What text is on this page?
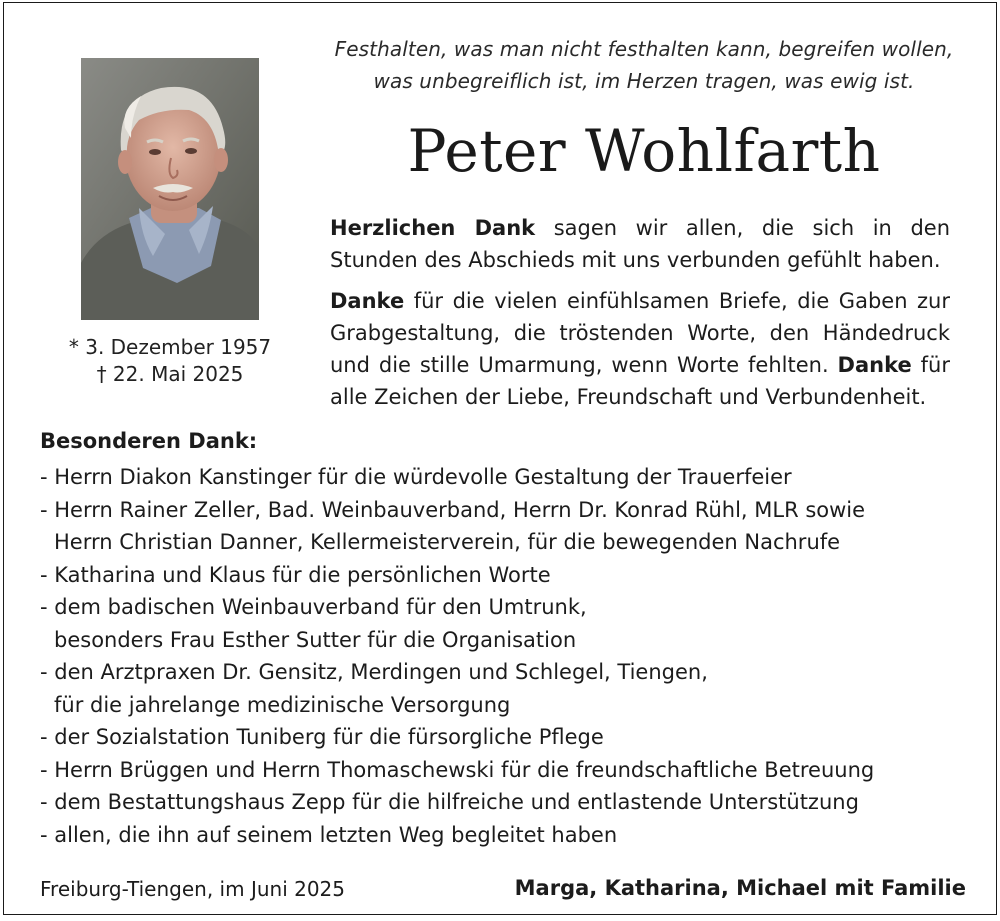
Festhalten, was man nicht festhalten kann, begreifen wollen,
was unbegreiflich ist, im Herzen tragen, was ewig ist.
Peter Wohlfarth
* 3. Dezember 1957
† 22. Mai 2025

Herzlichen Dank sagen wir allen, die sich in den
Stunden des Abschieds mit uns verbunden gefühlt haben.

Danke für die vielen einfühlsamen Briefe, die Gaben zur
Grabgestaltung, die tröstenden Worte, den Händedruck
und die stille Umarmung, wenn Worte fehlten. Danke für
alle Zeichen der Liebe, Freundschaft und Verbundenheit.

Besonderen Dank:
- Herrn Diakon Kanstinger für die würdevolle Gestaltung der Trauerfeier
- Herrn Rainer Zeller, Bad. Weinbauverband, Herrn Dr. Konrad Rühl, MLR sowie
Herrn Christian Danner, Kellermeisterverein, für die bewegenden Nachrufe
- Katharina und Klaus für die persönlichen Worte
- dem badischen Weinbauverband für den Umtrunk,
besonders Frau Esther Sutter für die Organisation
- den Arztpraxen Dr. Gensitz, Merdingen und Schlegel, Tiengen,
für die jahrelange medizinische Versorgung
- der Sozialstation Tuniberg für die fürsorgliche Pflege
- Herrn Brüggen und Herrn Thomaschewski für die freundschaftliche Betreuung
- dem Bestattungshaus Zepp für die hilfreiche und entlastende Unterstützung
- allen, die ihn auf seinem letzten Weg begleitet haben
Freiburg-Tiengen, im Juni 2025	Marga, Katharina, Michael mit Familie
